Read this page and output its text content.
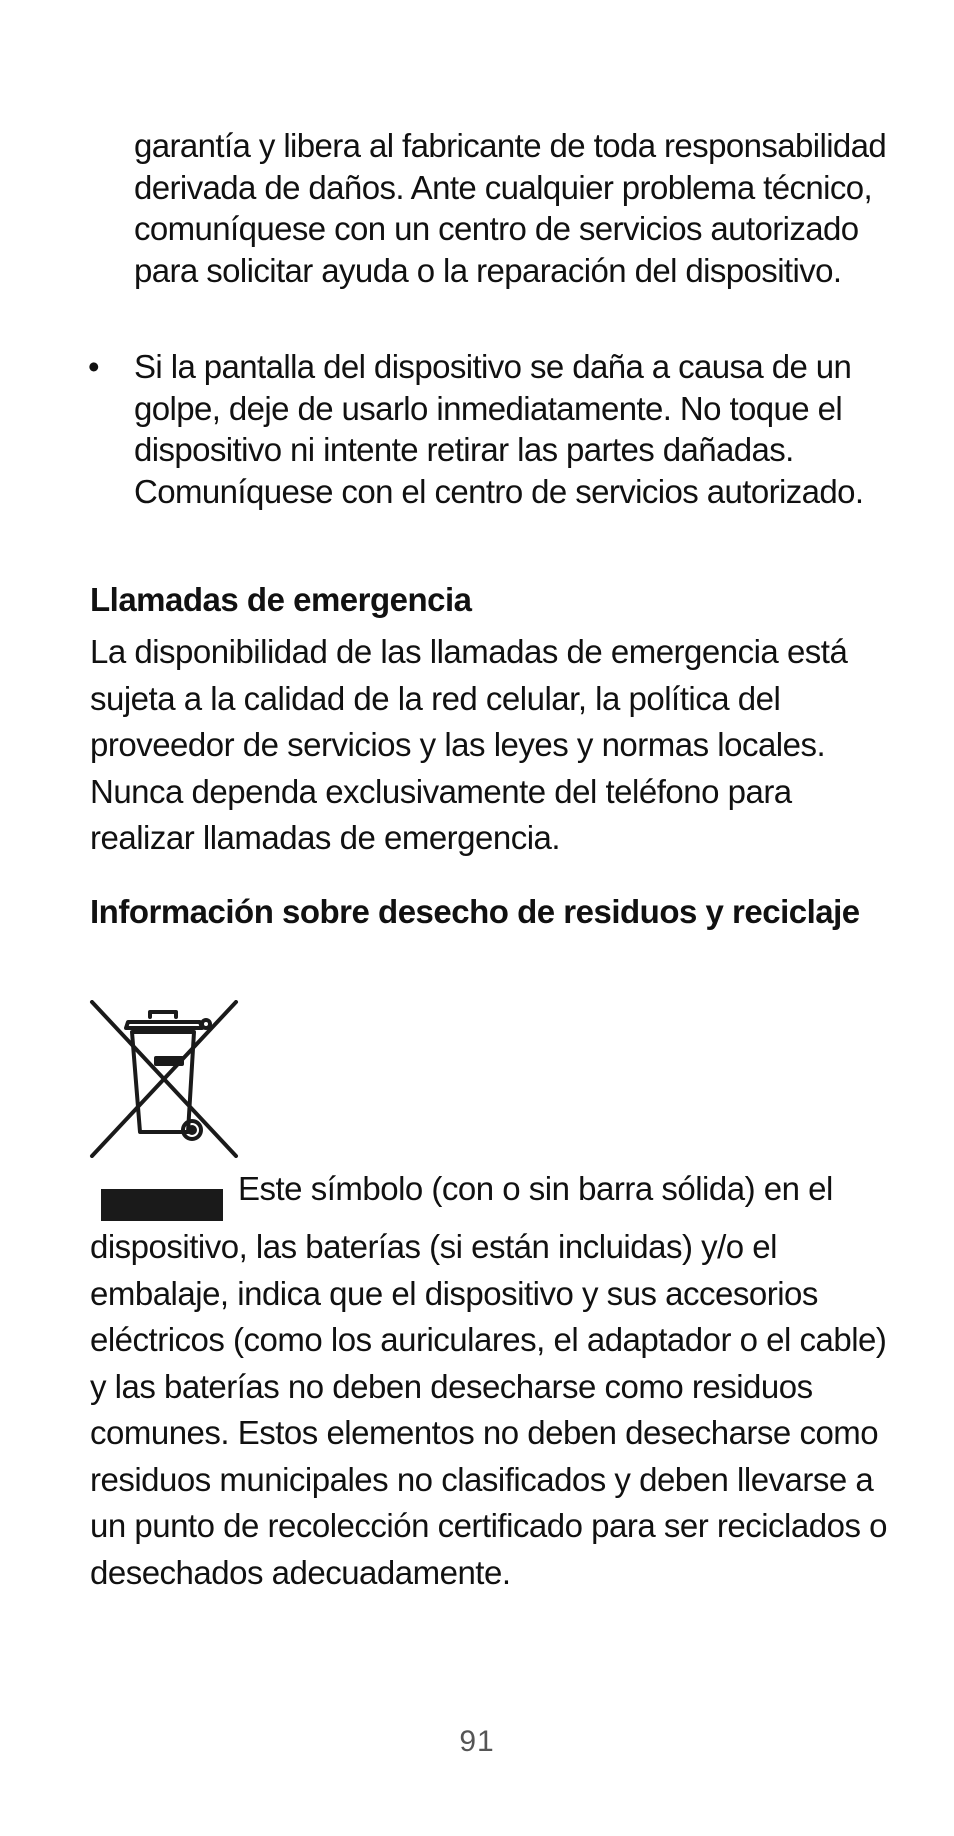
garantía y libera al fabricante de toda responsabilidad derivada de daños. Ante cualquier problema técnico, comuníquese con un centro de servicios autorizado para solicitar ayuda o la reparación del dispositivo.
• Si la pantalla del dispositivo se daña a causa de un golpe, deje de usarlo inmediatamente. No toque el dispositivo ni intente retirar las partes dañadas. Comuníquese con el centro de servicios autorizado.
Llamadas de emergencia
La disponibilidad de las llamadas de emergencia está sujeta a la calidad de la red celular, la política del proveedor de servicios y las leyes y normas locales. Nunca dependa exclusivamente del teléfono para realizar llamadas de emergencia.
Información sobre desecho de residuos y reciclaje
Este símbolo (con o sin barra sólida) en el
dispositivo, las baterías (si están incluidas) y/o el embalaje, indica que el dispositivo y sus accesorios eléctricos (como los auriculares, el adaptador o el cable) y las baterías no deben desecharse como residuos comunes. Estos elementos no deben desecharse como residuos municipales no clasificados y deben llevarse a un punto de recolección certificado para ser reciclados o desechados adecuadamente.
91
